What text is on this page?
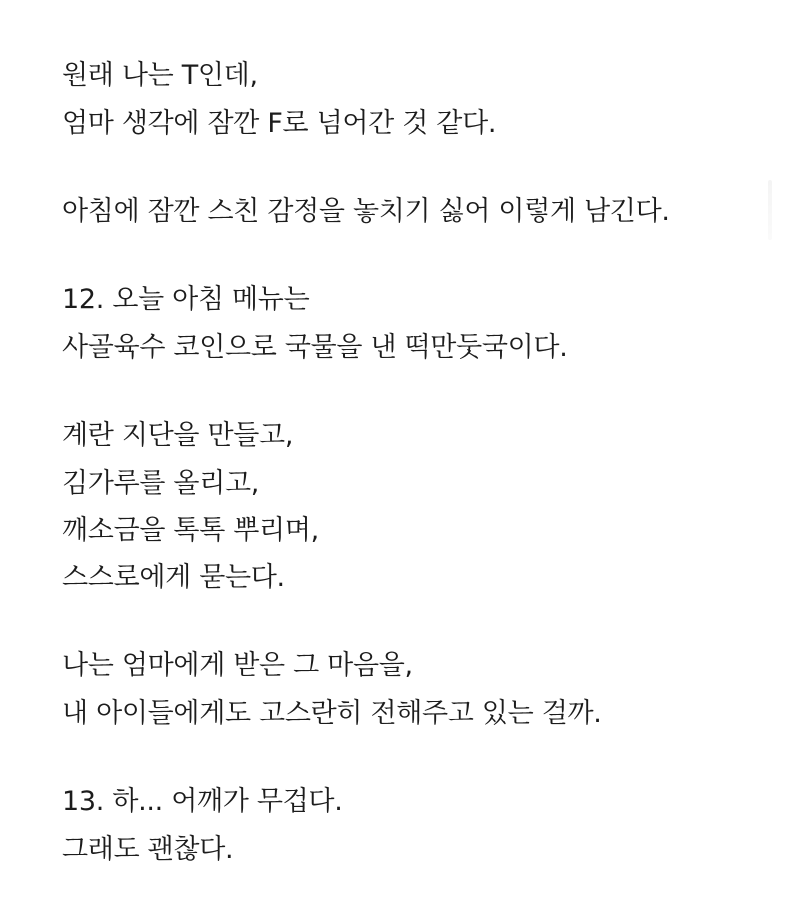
원래 나는 T인데,
엄마 생각에 잠깐 F로 넘어간 것 같다.
아침에 잠깐 스친 감정을 놓치기 싫어 이렇게 남긴다.
12. 오늘 아침 메뉴는
사골육수 코인으로 국물을 낸 떡만둣국이다.
계란 지단을 만들고,
김가루를 올리고,
깨소금을 톡톡 뿌리며,
스스로에게 묻는다.
나는 엄마에게 받은 그 마음을,
내 아이들에게도 고스란히 전해주고 있는 걸까.
13. 하... 어깨가 무겁다.
그래도 괜찮다.
